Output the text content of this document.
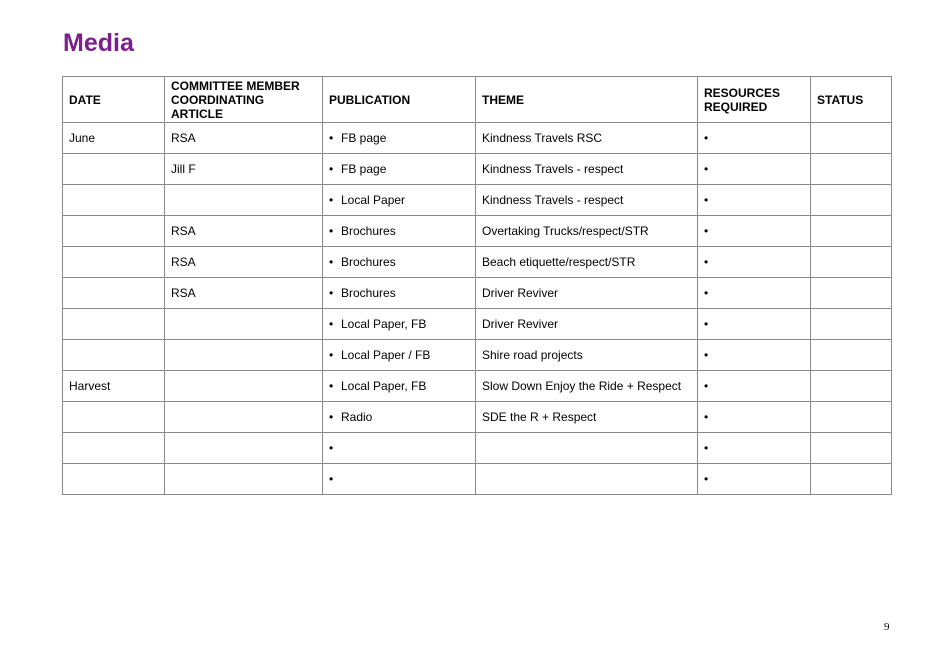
Media
DATE	COMMITTEE MEMBER COORDINATING ARTICLE	PUBLICATION	THEME	RESOURCES REQUIRED	STATUS
June	RSA	• FB page	Kindness Travels RSC	•	
	Jill F	• FB page	Kindness Travels - respect	•	
		• Local Paper	Kindness Travels - respect	•	
	RSA	• Brochures	Overtaking Trucks/respect/STR	•	
	RSA	• Brochures	Beach etiquette/respect/STR	•	
	RSA	• Brochures	Driver Reviver	•	
		• Local Paper, FB	Driver Reviver	•	
		• Local Paper / FB	Shire road projects	•	
Harvest		• Local Paper, FB	Slow Down Enjoy the Ride + Respect	•	
		• Radio	SDE the R + Respect	•	
		•		•	
		•		•	
9
